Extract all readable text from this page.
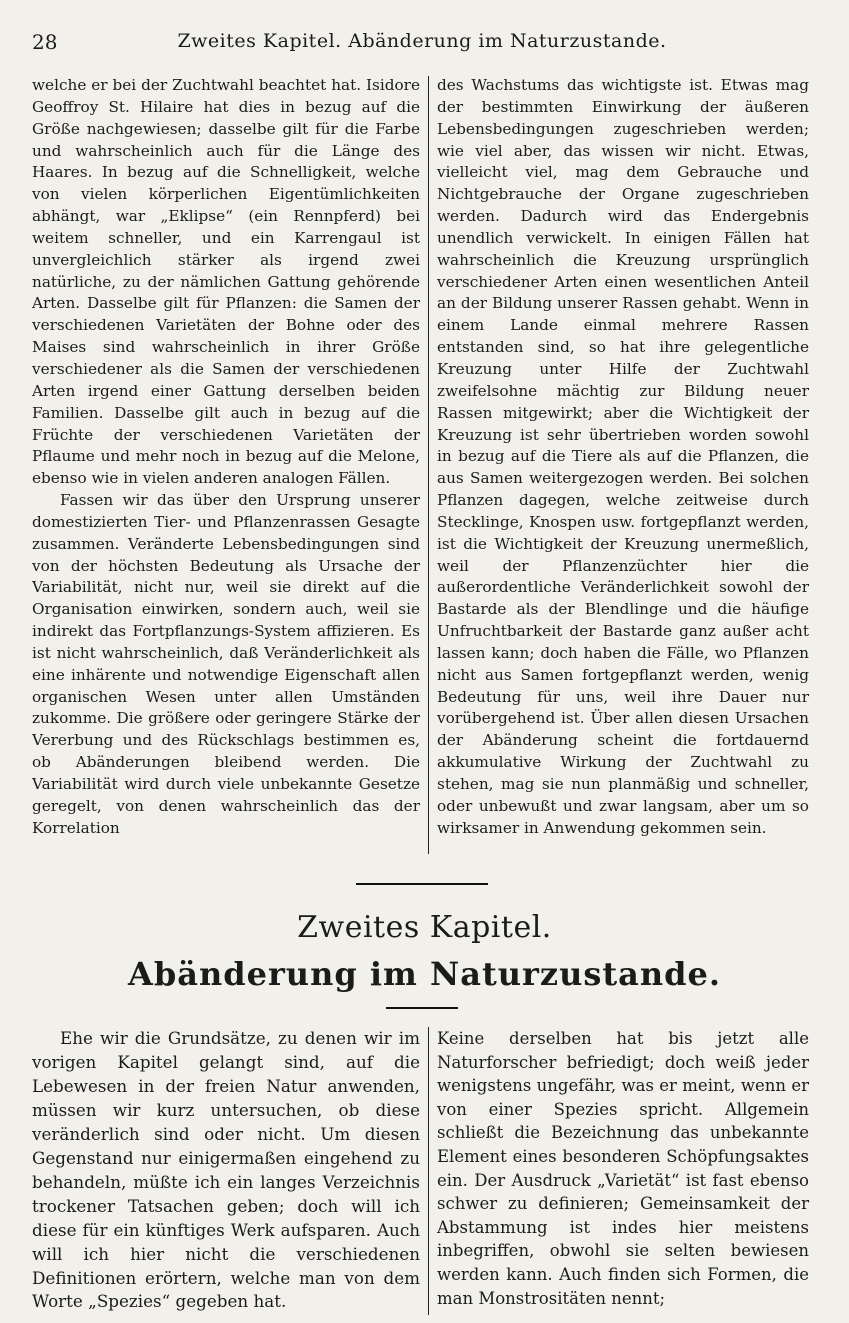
28	Zweites Kapitel. Abänderung im Naturzustande.

welche er bei der Zuchtwahl beachtet hat. Isidore Geoffroy St. Hilaire hat dies in bezug auf die Größe nachgewiesen; dasselbe gilt für die Farbe und wahrscheinlich auch für die Länge des Haares. In bezug auf die Schnelligkeit, welche von vielen körperlichen Eigentümlichkeiten abhängt, war „Eklipse“ (ein Rennpferd) bei weitem schneller, und ein Karrengaul ist unvergleichlich stärker als irgend zwei natürliche, zu der nämlichen Gattung gehörende Arten. Dasselbe gilt für Pflanzen: die Samen der verschiedenen Varietäten der Bohne oder des Maises sind wahrscheinlich in ihrer Größe verschiedener als die Samen der verschiedenen Arten irgend einer Gattung derselben beiden Familien. Dasselbe gilt auch in bezug auf die Früchte der verschiedenen Varietäten der Pflaume und mehr noch in bezug auf die Melone, ebenso wie in vielen anderen analogen Fällen.

Fassen wir das über den Ursprung unserer domestizierten Tier- und Pflanzenrassen Gesagte zusammen. Veränderte Lebensbedingungen sind von der höchsten Bedeutung als Ursache der Variabilität, nicht nur, weil sie direkt auf die Organisation einwirken, sondern auch, weil sie indirekt das Fortpflanzungs-System affizieren. Es ist nicht wahrscheinlich, daß Veränderlichkeit als eine inhärente und notwendige Eigenschaft allen organischen Wesen unter allen Umständen zukomme. Die größere oder geringere Stärke der Vererbung und des Rückschlags bestimmen es, ob Abänderungen bleibend werden. Die Variabilität wird durch viele unbekannte Gesetze geregelt, von denen wahrscheinlich das der Korrelation

des Wachstums das wichtigste ist. Etwas mag der bestimmten Einwirkung der äußeren Lebensbedingungen zugeschrieben werden; wie viel aber, das wissen wir nicht. Etwas, vielleicht viel, mag dem Gebrauche und Nichtgebrauche der Organe zugeschrieben werden. Dadurch wird das Endergebnis unendlich verwickelt. In einigen Fällen hat wahrscheinlich die Kreuzung ursprünglich verschiedener Arten einen wesentlichen Anteil an der Bildung unserer Rassen gehabt. Wenn in einem Lande einmal mehrere Rassen entstanden sind, so hat ihre gelegentliche Kreuzung unter Hilfe der Zuchtwahl zweifelsohne mächtig zur Bildung neuer Rassen mitgewirkt; aber die Wichtigkeit der Kreuzung ist sehr übertrieben worden sowohl in bezug auf die Tiere als auf die Pflanzen, die aus Samen weitergezogen werden. Bei solchen Pflanzen dagegen, welche zeitweise durch Stecklinge, Knospen usw. fortgepflanzt werden, ist die Wichtigkeit der Kreuzung unermeßlich, weil der Pflanzenzüchter hier die außerordentliche Veränderlichkeit sowohl der Bastarde als der Blendlinge und die häufige Unfruchtbarkeit der Bastarde ganz außer acht lassen kann; doch haben die Fälle, wo Pflanzen nicht aus Samen fortgepflanzt werden, wenig Bedeutung für uns, weil ihre Dauer nur vorübergehend ist. Über allen diesen Ursachen der Abänderung scheint die fortdauernd akkumulative Wirkung der Zuchtwahl zu stehen, mag sie nun planmäßig und schneller, oder unbewußt und zwar langsam, aber um so wirksamer in Anwendung gekommen sein.

Zweites Kapitel.
Abänderung im Naturzustande.

Ehe wir die Grundsätze, zu denen wir im vorigen Kapitel gelangt sind, auf die Lebewesen in der freien Natur anwenden, müssen wir kurz untersuchen, ob diese veränderlich sind oder nicht. Um diesen Gegenstand nur einigermaßen eingehend zu behandeln, müßte ich ein langes Verzeichnis trockener Tatsachen geben; doch will ich diese für ein künftiges Werk aufsparen. Auch will ich hier nicht die verschiedenen Definitionen erörtern, welche man von dem Worte „Spezies“ gegeben hat.

Keine derselben hat bis jetzt alle Naturforscher befriedigt; doch weiß jeder wenigstens ungefähr, was er meint, wenn er von einer Spezies spricht. Allgemein schließt die Bezeichnung das unbekannte Element eines besonderen Schöpfungsaktes ein. Der Ausdruck „Varietät“ ist fast ebenso schwer zu definieren; Gemeinsamkeit der Abstammung ist indes hier meistens inbegriffen, obwohl sie selten bewiesen werden kann. Auch finden sich Formen, die man Monstrositäten nennt;
